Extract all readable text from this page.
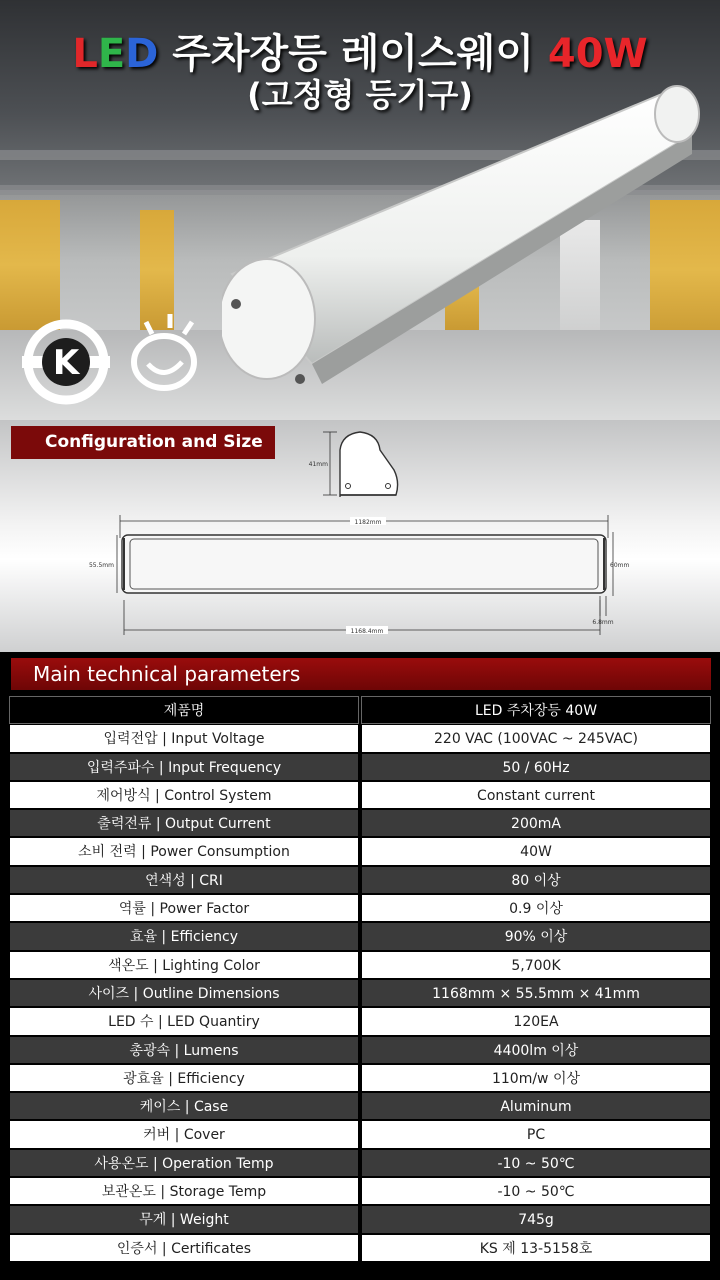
LED 주차장등 레이스웨이 40W
(고정형 등기구)
K
Configuration and Size
41mm
1182mm
55.5mm	60mm
1168.4mm
6.8mm
Main technical parameters
제품명	LED 주차장등 40W
입력전압 | Input Voltage	220 VAC (100VAC ~ 245VAC)
입력주파수 | Input Frequency	50 / 60Hz
제어방식 | Control System	Constant current
출력전류 | Output Current	200mA
소비 전력 | Power Consumption	40W
연색성 | CRI	80 이상
역률 | Power Factor	0.9 이상
효율 | Efficiency	90% 이상
색온도 | Lighting Color	5,700K
사이즈 | Outline Dimensions	1168mm × 55.5mm × 41mm
LED 수 | LED Quantiry	120EA
총광속 | Lumens	4400lm 이상
광효율 | Efficiency	110m/w 이상
케이스 | Case	Aluminum
커버 | Cover	PC
사용온도 | Operation Temp	-10 ~ 50℃
보관온도 | Storage Temp	-10 ~ 50℃
무게 | Weight	745g
인증서 | Certificates	KS 제 13-5158호
